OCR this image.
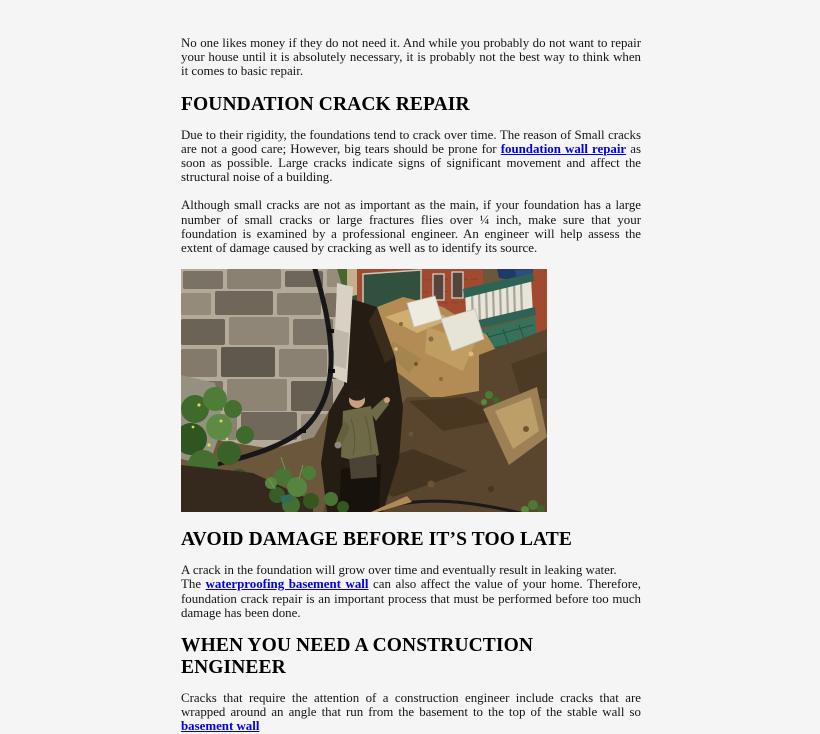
No one likes money if they do not need it. And while you probably do not want to repair your house until it is absolutely necessary, it is probably not the best way to think when it comes to basic repair.

FOUNDATION CRACK REPAIR

Due to their rigidity, the foundations tend to crack over time. The reason of Small cracks are not a good care; However, big tears should be prone for foundation wall repair as soon as possible. Large cracks indicate signs of significant movement and affect the structural noise of a building.

Although small cracks are not as important as the main, if your foundation has a large number of small cracks or large fractures flies over ¼ inch, make sure that your foundation is examined by a professional engineer. An engineer will help assess the extent of damage caused by cracking as well as to identify its source.

AVOID DAMAGE BEFORE IT’S TOO LATE

A crack in the foundation will grow over time and eventually result in leaking water.
The waterproofing basement wall can also affect the value of your home. Therefore, foundation crack repair is an important process that must be performed before too much damage has been done.

WHEN YOU NEED A CONSTRUCTION ENGINEER

Cracks that require the attention of a construction engineer include cracks that are wrapped around an angle that run from the basement to the top of the stable wall so basement wall
